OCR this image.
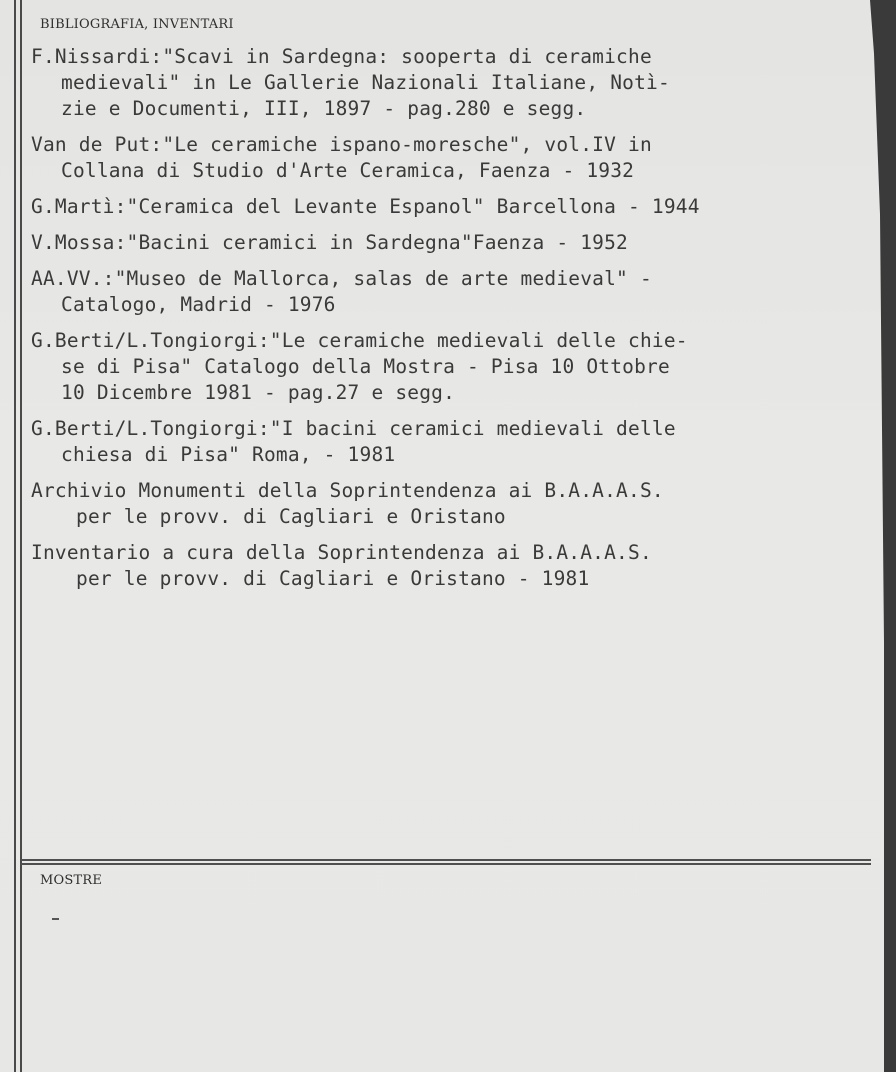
BIBLIOGRAFIA, INVENTARI
F.Nissardi:"Scavi in Sardegna: sooperta di ceramiche
medievali" in Le Gallerie Nazionali Italiane, Notì-
zie e Documenti, III, 1897 - pag.280 e segg.
Van de Put:"Le ceramiche ispano-moresche", vol.IV in
Collana di Studio d'Arte Ceramica, Faenza - 1932
G.Martì:"Ceramica del Levante Espanol" Barcellona - 1944
V.Mossa:"Bacini ceramici in Sardegna"Faenza - 1952
AA.VV.:"Museo de Mallorca, salas de arte medieval" -
Catalogo, Madrid - 1976
G.Berti/L.Tongiorgi:"Le ceramiche medievali delle chie-
se di Pisa" Catalogo della Mostra - Pisa 10 Ottobre
10 Dicembre 1981 - pag.27 e segg.
G.Berti/L.Tongiorgi:"I bacini ceramici medievali delle
chiesa di Pisa" Roma, - 1981
Archivio Monumenti della Soprintendenza ai B.A.A.A.S.
per le provv. di Cagliari e Oristano
Inventario a cura della Soprintendenza ai B.A.A.A.S.
per le provv. di Cagliari e Oristano - 1981
MOSTRE
